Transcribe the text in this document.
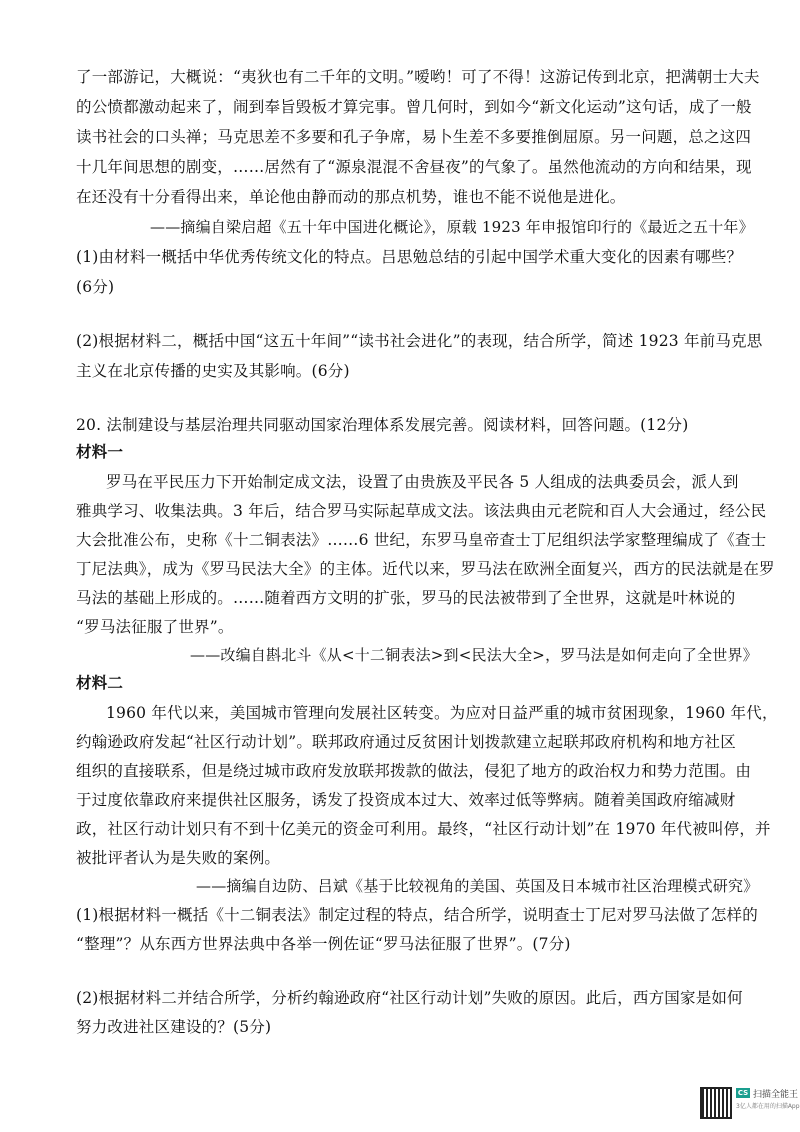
了一部游记，大概说：“夷狄也有二千年的文明。”嗳哟！可了不得！这游记传到北京，把满朝士大夫
的公愤都激动起来了，闹到奉旨毁板才算完事。曾几何时，到如今“新文化运动”这句话，成了一般
读书社会的口头禅；马克思差不多要和孔子争席，易卜生差不多要推倒屈原。另一问题，总之这四
十几年间思想的剧变，……居然有了“源泉混混不舍昼夜”的气象了。虽然他流动的方向和结果，现
在还没有十分看得出来，单论他由静而动的那点机势，谁也不能不说他是进化。
——摘编自梁启超《五十年中国进化概论》，原载 1923 年申报馆印行的《最近之五十年》
(1)由材料一概括中华优秀传统文化的特点。吕思勉总结的引起中国学术重大变化的因素有哪些？
(6分)
(2)根据材料二，概括中国“这五十年间”“读书社会进化”的表现，结合所学，简述 1923 年前马克思
主义在北京传播的史实及其影响。(6分)
20. 法制建设与基层治理共同驱动国家治理体系发展完善。阅读材料，回答问题。(12分)
材料一
罗马在平民压力下开始制定成文法，设置了由贵族及平民各 5 人组成的法典委员会，派人到
雅典学习、收集法典。3 年后，结合罗马实际起草成文法。该法典由元老院和百人大会通过，经公民
大会批准公布，史称《十二铜表法》……6 世纪，东罗马皇帝查士丁尼组织法学家整理编成了《查士
丁尼法典》，成为《罗马民法大全》的主体。近代以来，罗马法在欧洲全面复兴，西方的民法就是在罗
马法的基础上形成的。……随着西方文明的扩张，罗马的民法被带到了全世界，这就是叶林说的
“罗马法征服了世界”。
——改编自斟北斗《从<十二铜表法>到<民法大全>，罗马法是如何走向了全世界》
材料二
1960 年代以来，美国城市管理向发展社区转变。为应对日益严重的城市贫困现象，1960 年代，
约翰逊政府发起“社区行动计划”。联邦政府通过反贫困计划拨款建立起联邦政府机构和地方社区
组织的直接联系，但是绕过城市政府发放联邦拨款的做法，侵犯了地方的政治权力和势力范围。由
于过度依靠政府来提供社区服务，诱发了投资成本过大、效率过低等弊病。随着美国政府缩减财
政，社区行动计划只有不到十亿美元的资金可利用。最终，“社区行动计划”在 1970 年代被叫停，并
被批评者认为是失败的案例。
——摘编自边防、吕斌《基于比较视角的美国、英国及日本城市社区治理模式研究》
(1)根据材料一概括《十二铜表法》制定过程的特点，结合所学，说明查士丁尼对罗马法做了怎样的
“整理”？从东西方世界法典中各举一例佐证“罗马法征服了世界”。(7分)
(2)根据材料二并结合所学，分析约翰逊政府“社区行动计划”失败的原因。此后，西方国家是如何
努力改进社区建设的？(5分)
CS 扫描全能王
3亿人都在用的扫描App
